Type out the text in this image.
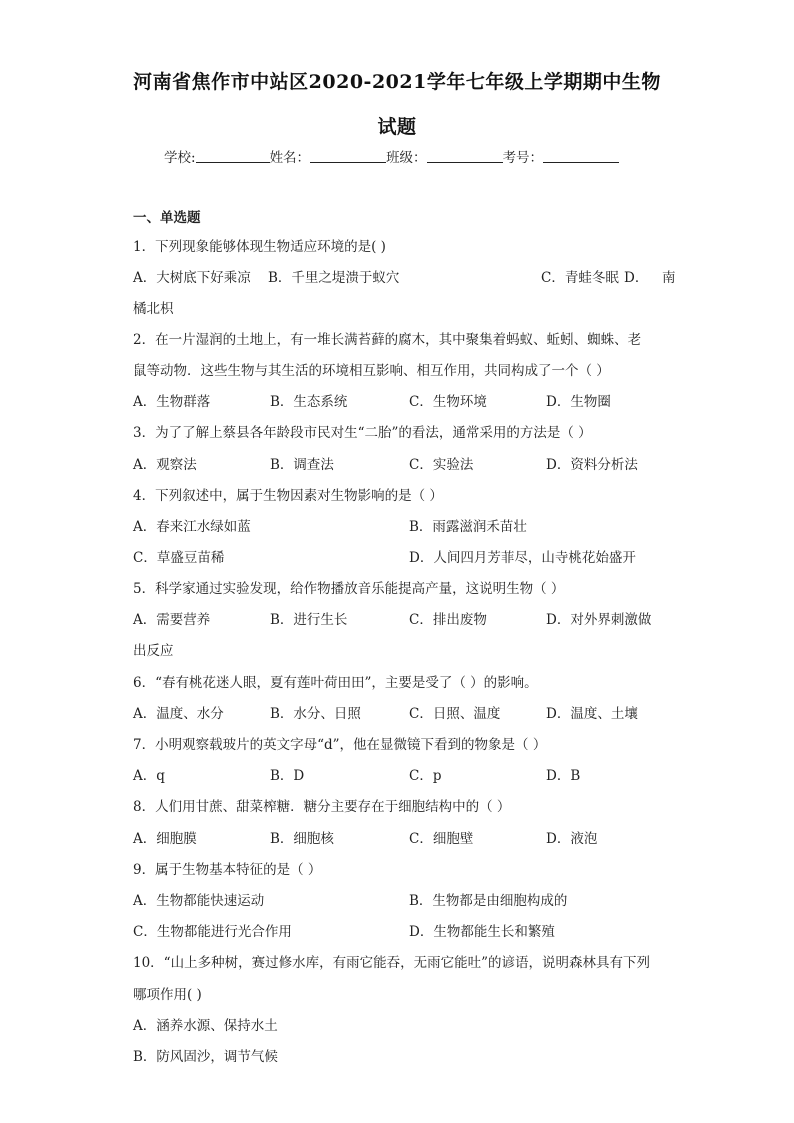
河南省焦作市中站区2020-2021学年七年级上学期期中生物
试题
学校:	姓名：	班级：	考号：
一、单选题
1．下列现象能够体现生物适应环境的是( )
A．大树底下好乘凉 B．千里之堤溃于蚁穴	C．青蛙冬眠 D． 南
橘北枳
2．在一片湿润的土地上，有一堆长满苔藓的腐木，其中聚集着蚂蚁、蚯蚓、蜘蛛、老
鼠等动物．这些生物与其生活的环境相互影响、相互作用，共同构成了一个（ ）
A．生物群落	B．生态系统	C．生物环境	D．生物圈
3．为了了解上蔡县各年龄段市民对生“二胎”的看法，通常采用的方法是（ ）
A．观察法	B．调查法	C．实验法	D．资料分析法
4．下列叙述中，属于生物因素对生物影响的是（ ）
A．春来江水绿如蓝	B．雨露滋润禾苗壮
C．草盛豆苗稀	D．人间四月芳菲尽，山寺桃花始盛开
5．科学家通过实验发现，给作物播放音乐能提高产量，这说明生物（ ）
A．需要营养	B．进行生长	C．排出废物	D．对外界刺激做
出反应
6．“春有桃花迷人眼，夏有莲叶荷田田”，主要是受了（ ）的影响。
A．温度、水分	B．水分、日照	C．日照、温度	D．温度、土壤
7．小明观察载玻片的英文字母“d”，他在显微镜下看到的物象是（ ）
A．q	B．D	C．p	D．B
8．人们用甘蔗、甜菜榨糖．糖分主要存在于细胞结构中的（ ）
A．细胞膜	B．细胞核	C．细胞壁	D．液泡
9．属于生物基本特征的是（ ）
A．生物都能快速运动	B．生物都是由细胞构成的
C．生物都能进行光合作用	D．生物都能生长和繁殖
10．“山上多种树，赛过修水库，有雨它能吞，无雨它能吐”的谚语，说明森林具有下列
哪项作用( )
A．涵养水源、保持水土
B．防风固沙，调节气候
